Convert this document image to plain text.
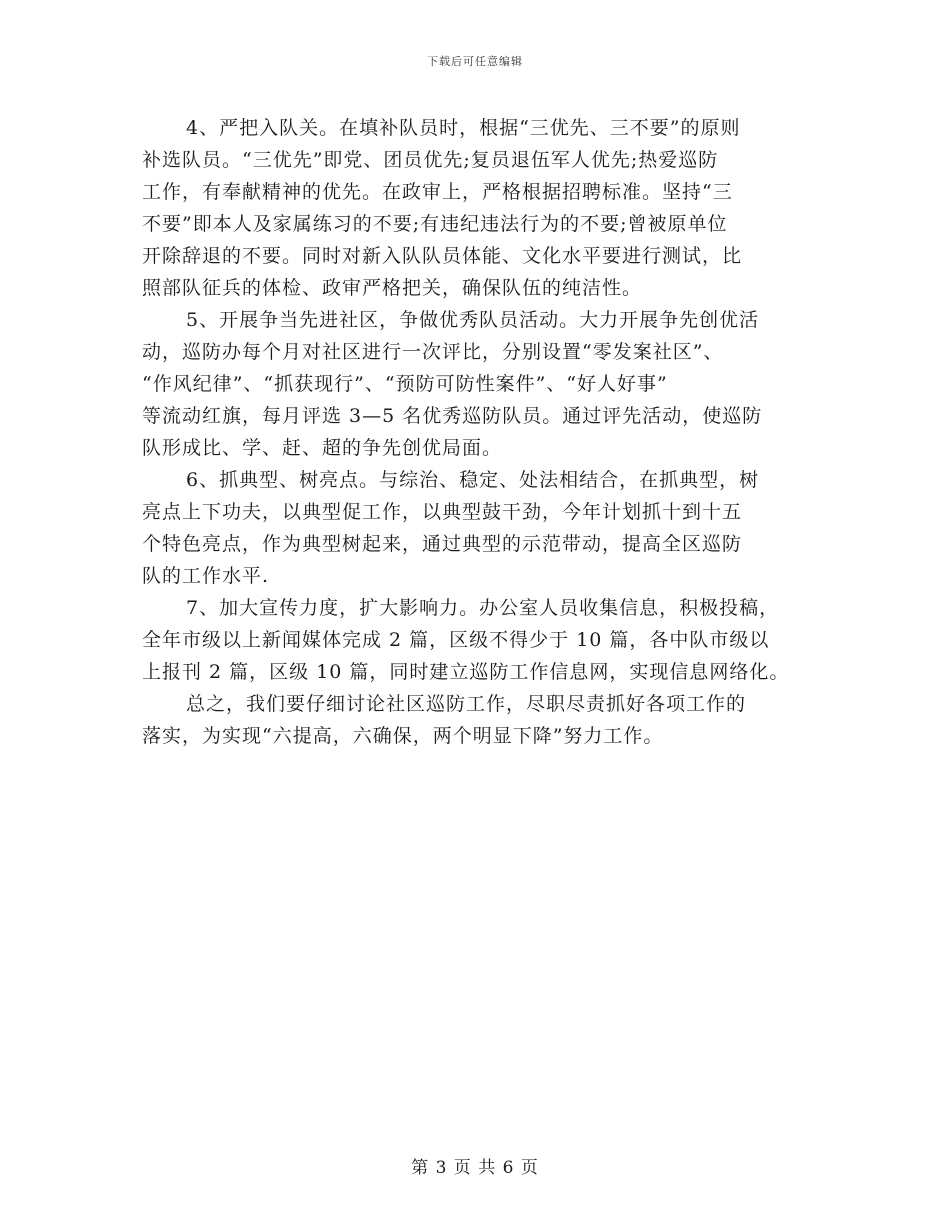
下载后可任意编辑
4、严把入队关。在填补队员时，根据“三优先、三不要”的原则
补选队员。“三优先”即党、团员优先;复员退伍军人优先;热爱巡防
工作，有奉献精神的优先。在政审上，严格根据招聘标准。坚持“三
不要”即本人及家属练习的不要;有违纪违法行为的不要;曾被原单位
开除辞退的不要。同时对新入队队员体能、文化水平要进行测试，比
照部队征兵的体检、政审严格把关，确保队伍的纯洁性。
5、开展争当先进社区，争做优秀队员活动。大力开展争先创优活
动，巡防办每个月对社区进行一次评比，分别设置“零发案社区”、
“作风纪律”、“抓获现行”、“预防可防性案件”、“好人好事”
等流动红旗，每月评选 3—5 名优秀巡防队员。通过评先活动，使巡防
队形成比、学、赶、超的争先创优局面。
6、抓典型、树亮点。与综治、稳定、处法相结合，在抓典型，树
亮点上下功夫，以典型促工作，以典型鼓干劲，今年计划抓十到十五
个特色亮点，作为典型树起来，通过典型的示范带动，提高全区巡防
队的工作水平.
7、加大宣传力度，扩大影响力。办公室人员收集信息，积极投稿，
全年市级以上新闻媒体完成 2 篇，区级不得少于 10 篇，各中队市级以
上报刊 2 篇，区级 10 篇，同时建立巡防工作信息网，实现信息网络化。
总之，我们要仔细讨论社区巡防工作，尽职尽责抓好各项工作的
落实，为实现“六提高，六确保，两个明显下降”努力工作。
第 3 页 共 6 页
